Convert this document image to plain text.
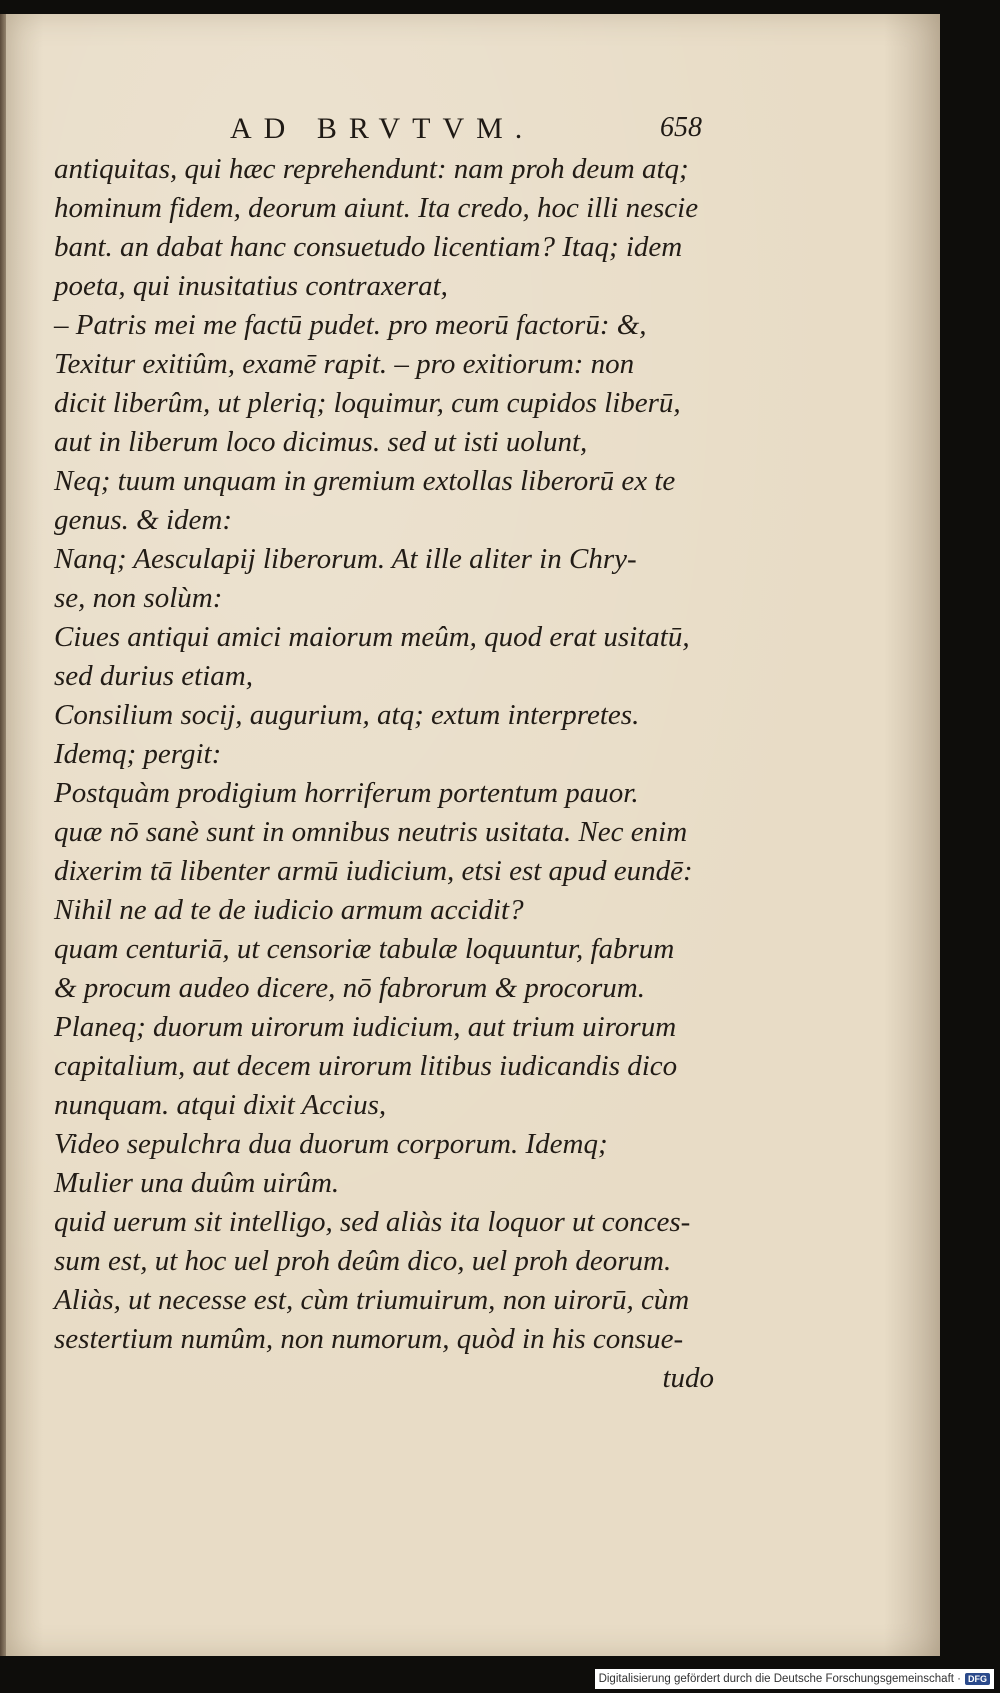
AD BRVTVM.	658
antiquitas, qui hæc reprehendunt: nam proh deum atq;
hominum fidem, deorum aiunt. Ita credo, hoc illi nescie
bant. an dabat hanc consuetudo licentiam? Itaq; idem
poeta, qui inusitatius contraxerat,
– Patris mei me factū pudet. pro meorū factorū: &,
Texitur exitiûm, examē rapit. – pro exitiorum: non
dicit liberûm, ut pleriq; loquimur, cum cupidos liberū,
aut in liberum loco dicimus. sed ut isti uolunt,
Neq; tuum unquam in gremium extollas liberorū ex te
genus. & idem:
Nanq; Aesculapij liberorum. At ille aliter in Chry-
se, non solùm:
Ciues antiqui amici maiorum meûm, quod erat usitatū,
sed durius etiam,
Consilium socij, augurium, atq; extum interpretes.
Idemq; pergit:
Postquàm prodigium horriferum portentum pauor.
quæ nō sanè sunt in omnibus neutris usitata. Nec enim
dixerim tā libenter armū iudicium, etsi est apud eundē:
Nihil ne ad te de iudicio armum accidit?
quam centuriā, ut censoriæ tabulæ loquuntur, fabrum
& procum audeo dicere, nō fabrorum & procorum.
Planeq; duorum uirorum iudicium, aut trium uirorum
capitalium, aut decem uirorum litibus iudicandis dico
nunquam. atqui dixit Accius,
Video sepulchra dua duorum corporum. Idemq;
Mulier una duûm uirûm.
quid uerum sit intelligo, sed aliàs ita loquor ut conces-
sum est, ut hoc uel proh deûm dico, uel proh deorum.
Aliàs, ut necesse est, cùm triumuirum, non uirorū, cùm
sestertium numûm, non numorum, quòd in his consue-
tudo
Digitalisierung gefördert durch die Deutsche Forschungsgemeinschaft · DFG
